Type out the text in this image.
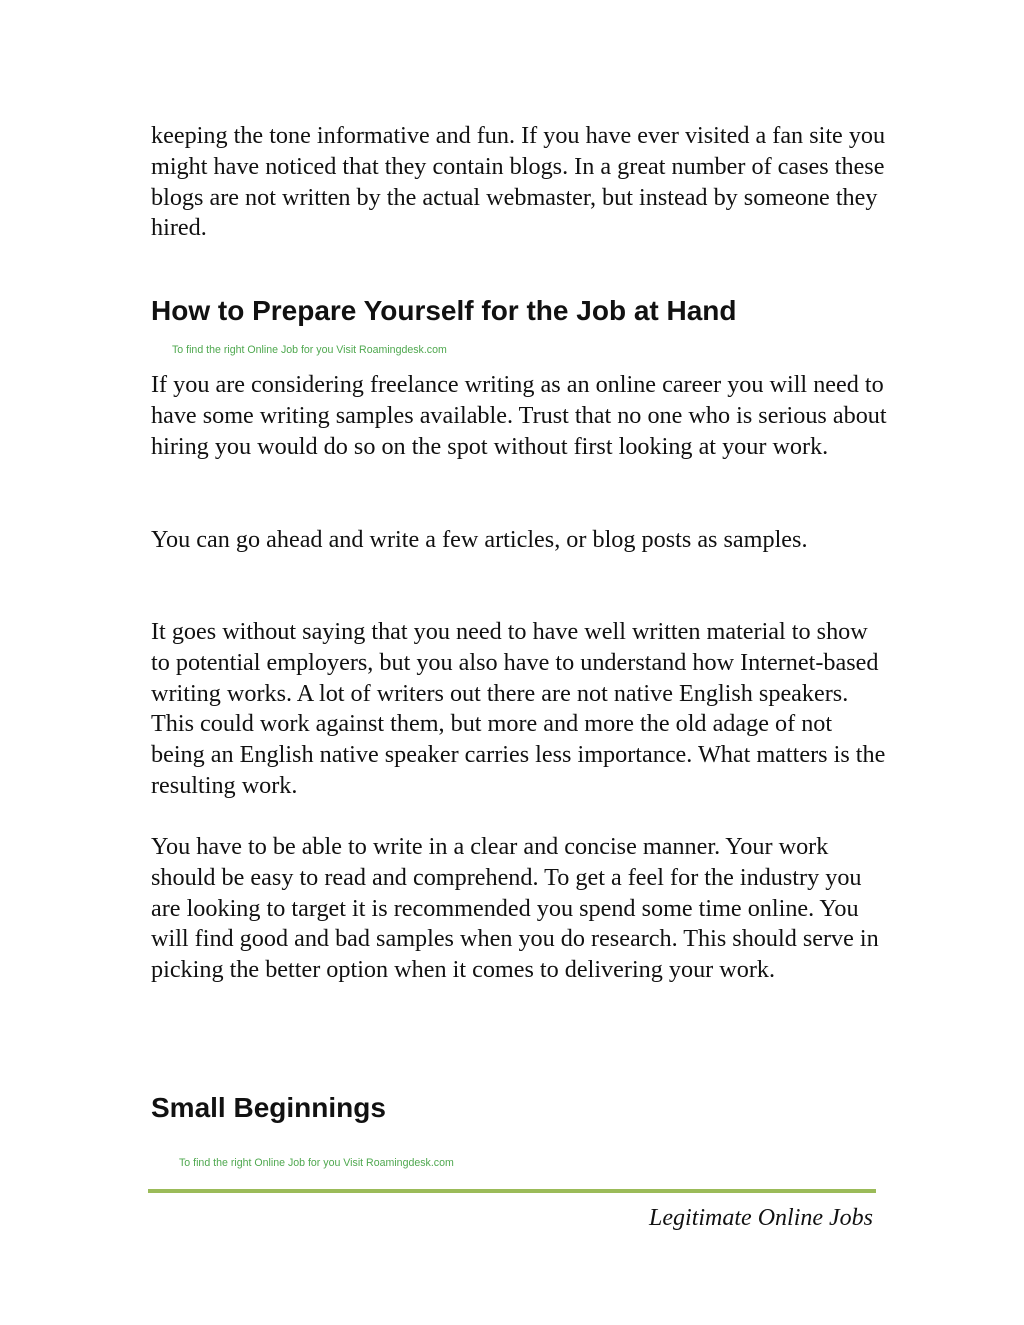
keeping the tone informative and fun. If you have ever visited a fan site you might have noticed that they contain blogs. In a great number of cases these blogs are not written by the actual webmaster, but instead by someone they hired.

How to Prepare Yourself for the Job at Hand
To find the right Online Job for you Visit Roamingdesk.com

If you are considering freelance writing as an online career you will need to have some writing samples available. Trust that no one who is serious about hiring you would do so on the spot without first looking at your work.

You can go ahead and write a few articles, or blog posts as samples.

It goes without saying that you need to have well written material to show to potential employers, but you also have to understand how Internet-based writing works. A lot of writers out there are not native English speakers. This could work against them, but more and more the old adage of not being an English native speaker carries less importance. What matters is the resulting work.

You have to be able to write in a clear and concise manner. Your work should be easy to read and comprehend. To get a feel for the industry you are looking to target it is recommended you spend some time online. You will find good and bad samples when you do research. This should serve in picking the better option when it comes to delivering your work.

Small Beginnings
To find the right Online Job for you Visit Roamingdesk.com
Legitimate Online Jobs
